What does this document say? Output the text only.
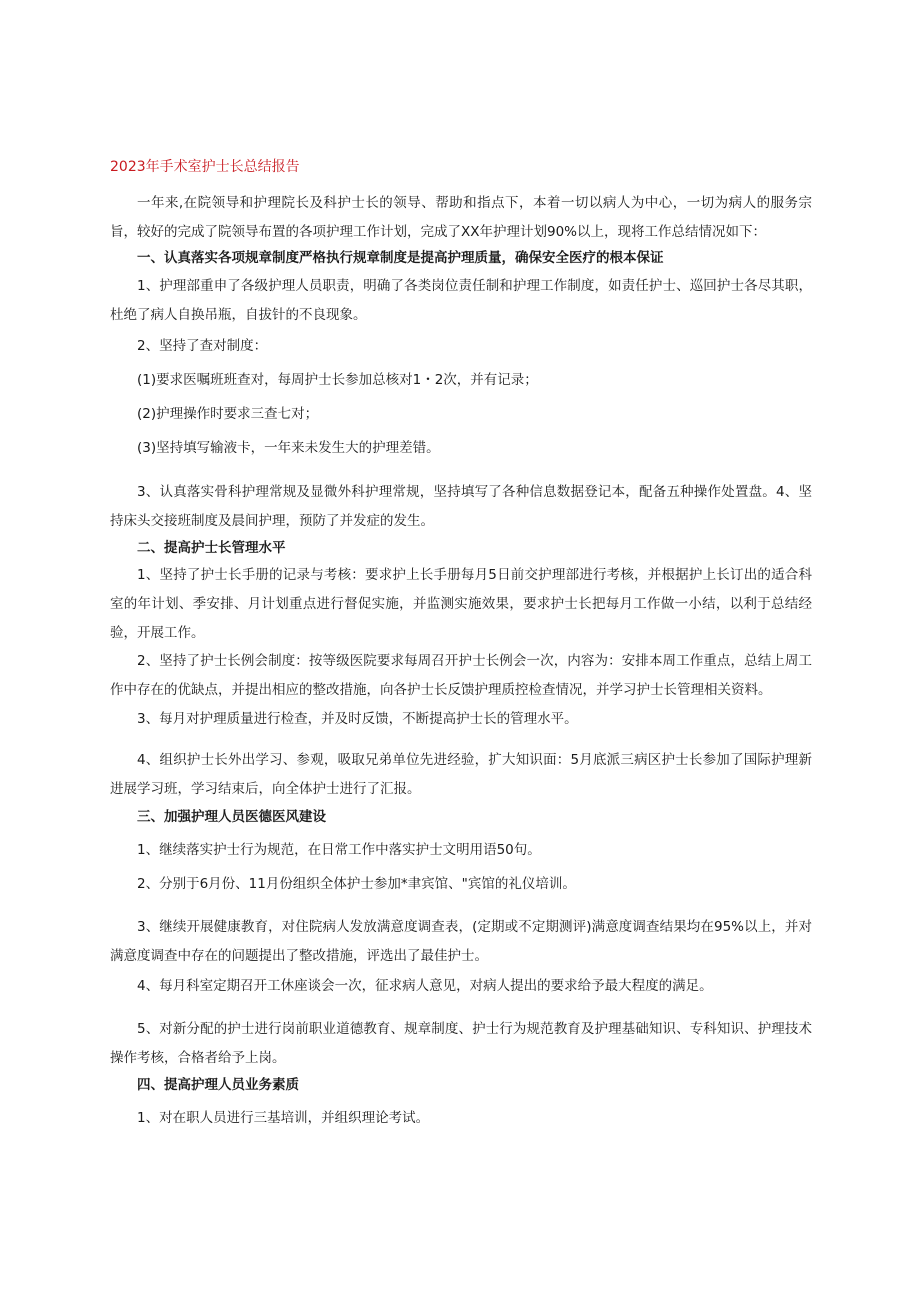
2023年手术室护士长总结报告
一年来,在院领导和护理院长及科护士长的领导、帮助和指点下，本着一切以病人为中心，一切为病人的服务宗旨，较好的完成了院领导布置的各项护理工作计划，完成了XX年护理计划90%以上，现将工作总结情况如下：
一、认真落实各项规章制度严格执行规章制度是提高护理质量，确保安全医疗的根本保证
1、护理部重申了各级护理人员职责，明确了各类岗位责任制和护理工作制度，如责任护士、巡回护士各尽其职，杜绝了病人自换吊瓶，自拔针的不良现象。
2、坚持了查对制度：
(1)要求医嘱班班查对，每周护士长参加总核对1・2次，并有记录；
(2)护理操作时要求三查七对；
(3)坚持填写输液卡，一年来未发生大的护理差错。
3、认真落实骨科护理常规及显微外科护理常规，坚持填写了各种信息数据登记本，配备五种操作处置盘。4、坚持床头交接班制度及晨间护理，预防了并发症的发生。
二、提高护士长管理水平
1、坚持了护士长手册的记录与考核：要求护上长手册每月5日前交护理部进行考核，并根据护上长订出的适合科室的年计划、季安排、月计划重点进行督促实施，并监测实施效果，要求护士长把每月工作做一小结，以利于总结经验，开展工作。
2、坚持了护士长例会制度：按等级医院要求每周召开护士长例会一次，内容为：安排本周工作重点，总结上周工作中存在的优缺点，并提出相应的整改措施，向各护士长反馈护理质控检查情况，并学习护士长管理相关资料。
3、每月对护理质量进行检查，并及时反馈，不断提高护士长的管理水平。
4、组织护士长外出学习、参观，吸取兄弟单位先进经验，扩大知识面：5月底派三病区护士长参加了国际护理新进展学习班，学习结束后，向全体护士进行了汇报。
三、加强护理人员医德医风建设
1、继续落实护士行为规范，在日常工作中落实护士文明用语50句。
2、分别于6月份、11月份组织全体护士参加*聿宾馆、"宾馆的礼仪培训。
3、继续开展健康教育，对住院病人发放满意度调查表，(定期或不定期测评)满意度调查结果均在95%以上，并对满意度调查中存在的问题提出了整改措施，评选出了最佳护士。
4、每月科室定期召开工休座谈会一次，征求病人意见，对病人提出的要求给予最大程度的满足。
5、对新分配的护士进行岗前职业道德教育、规章制度、护士行为规范教育及护理基础知识、专科知识、护理技术操作考核，合格者给予上岗。
四、提高护理人员业务素质
1、对在职人员进行三基培训，并组织理论考试。
